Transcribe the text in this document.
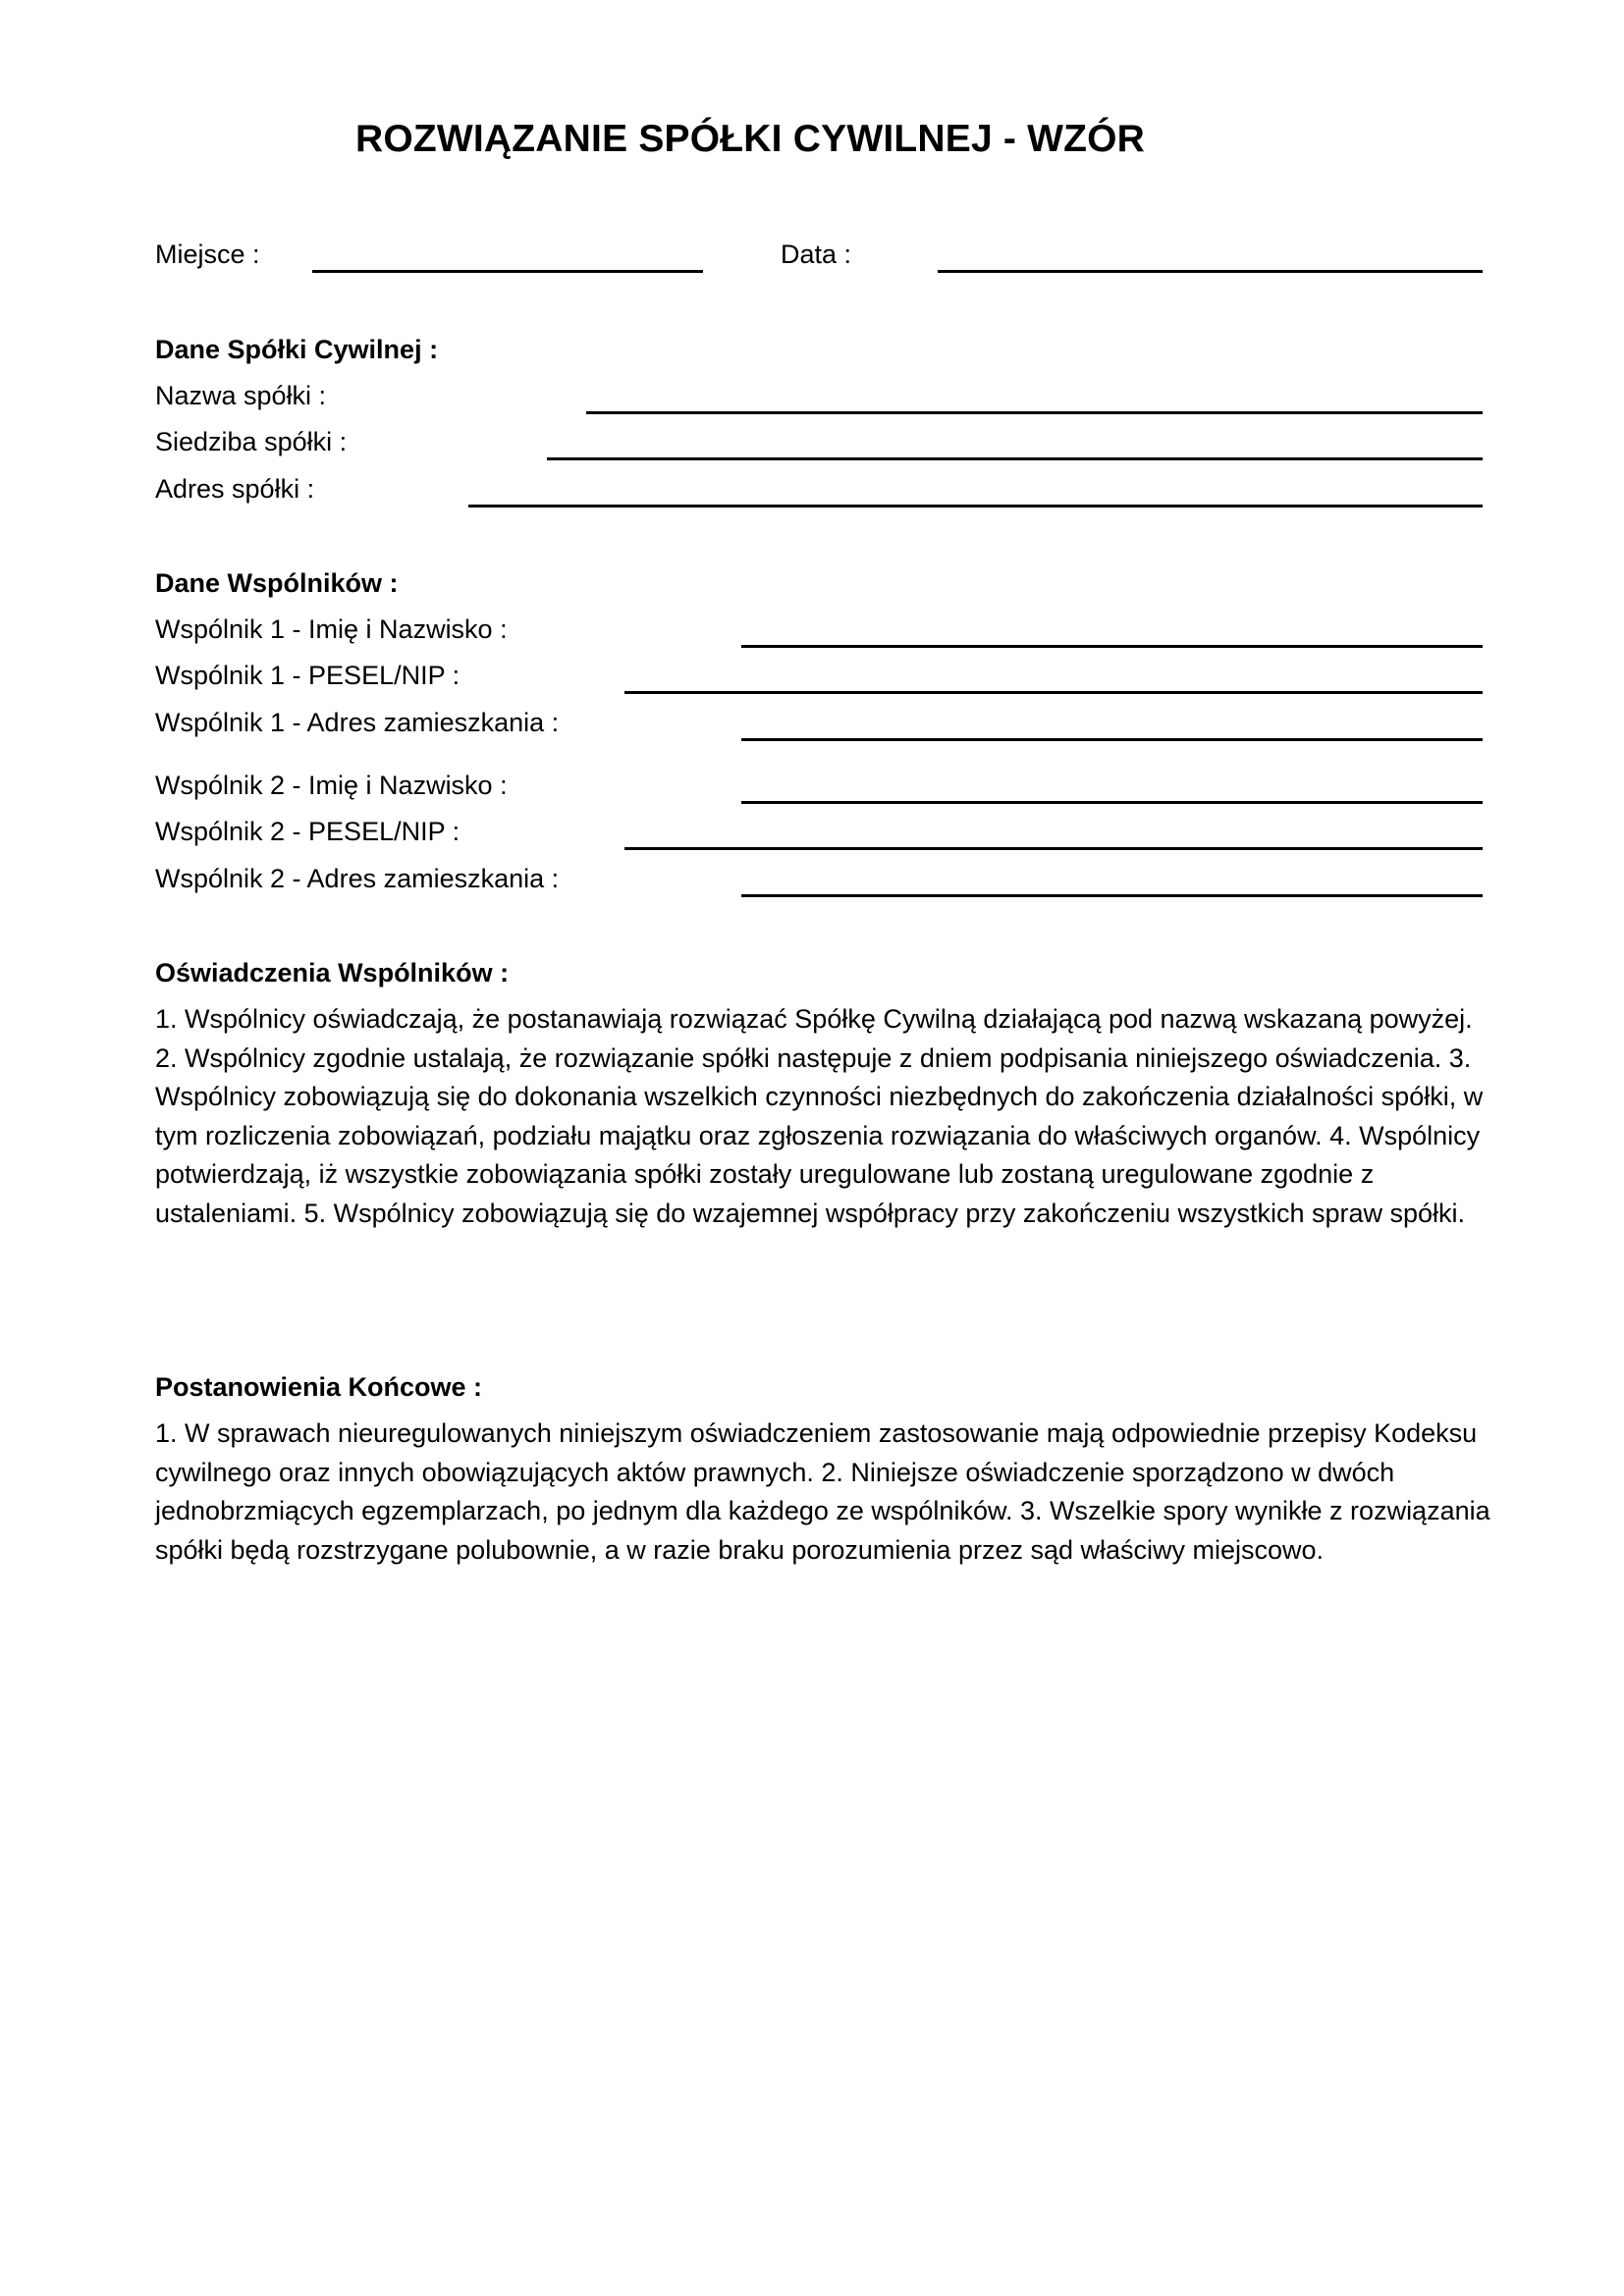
ROZWIĄZANIE SPÓŁKI CYWILNEJ - WZÓR
Miejsce :	Data :
Dane Spółki Cywilnej :
Nazwa spółki :
Siedziba spółki :
Adres spółki :
Dane Wspólników :
Wspólnik 1 - Imię i Nazwisko :
Wspólnik 1 - PESEL/NIP :
Wspólnik 1 - Adres zamieszkania :
Wspólnik 2 - Imię i Nazwisko :
Wspólnik 2 - PESEL/NIP :
Wspólnik 2 - Adres zamieszkania :
Oświadczenia Wspólników :

1. Wspólnicy oświadczają, że postanawiają rozwiązać Spółkę Cywilną działającą pod nazwą wskazaną powyżej. 2. Wspólnicy zgodnie ustalają, że rozwiązanie spółki następuje z dniem podpisania niniejszego oświadczenia. 3. Wspólnicy zobowiązują się do dokonania wszelkich czynności niezbędnych do zakończenia działalności spółki, w tym rozliczenia zobowiązań, podziału majątku oraz zgłoszenia rozwiązania do właściwych organów. 4. Wspólnicy potwierdzają, iż wszystkie zobowiązania spółki zostały uregulowane lub zostaną uregulowane zgodnie z ustaleniami. 5. Wspólnicy zobowiązują się do wzajemnej współpracy przy zakończeniu wszystkich spraw spółki.

Postanowienia Końcowe :

1. W sprawach nieuregulowanych niniejszym oświadczeniem zastosowanie mają odpowiednie przepisy Kodeksu cywilnego oraz innych obowiązujących aktów prawnych. 2. Niniejsze oświadczenie sporządzono w dwóch jednobrzmiących egzemplarzach, po jednym dla każdego ze wspólników. 3. Wszelkie spory wynikłe z rozwiązania spółki będą rozstrzygane polubownie, a w razie braku porozumienia przez sąd właściwy miejscowo.
